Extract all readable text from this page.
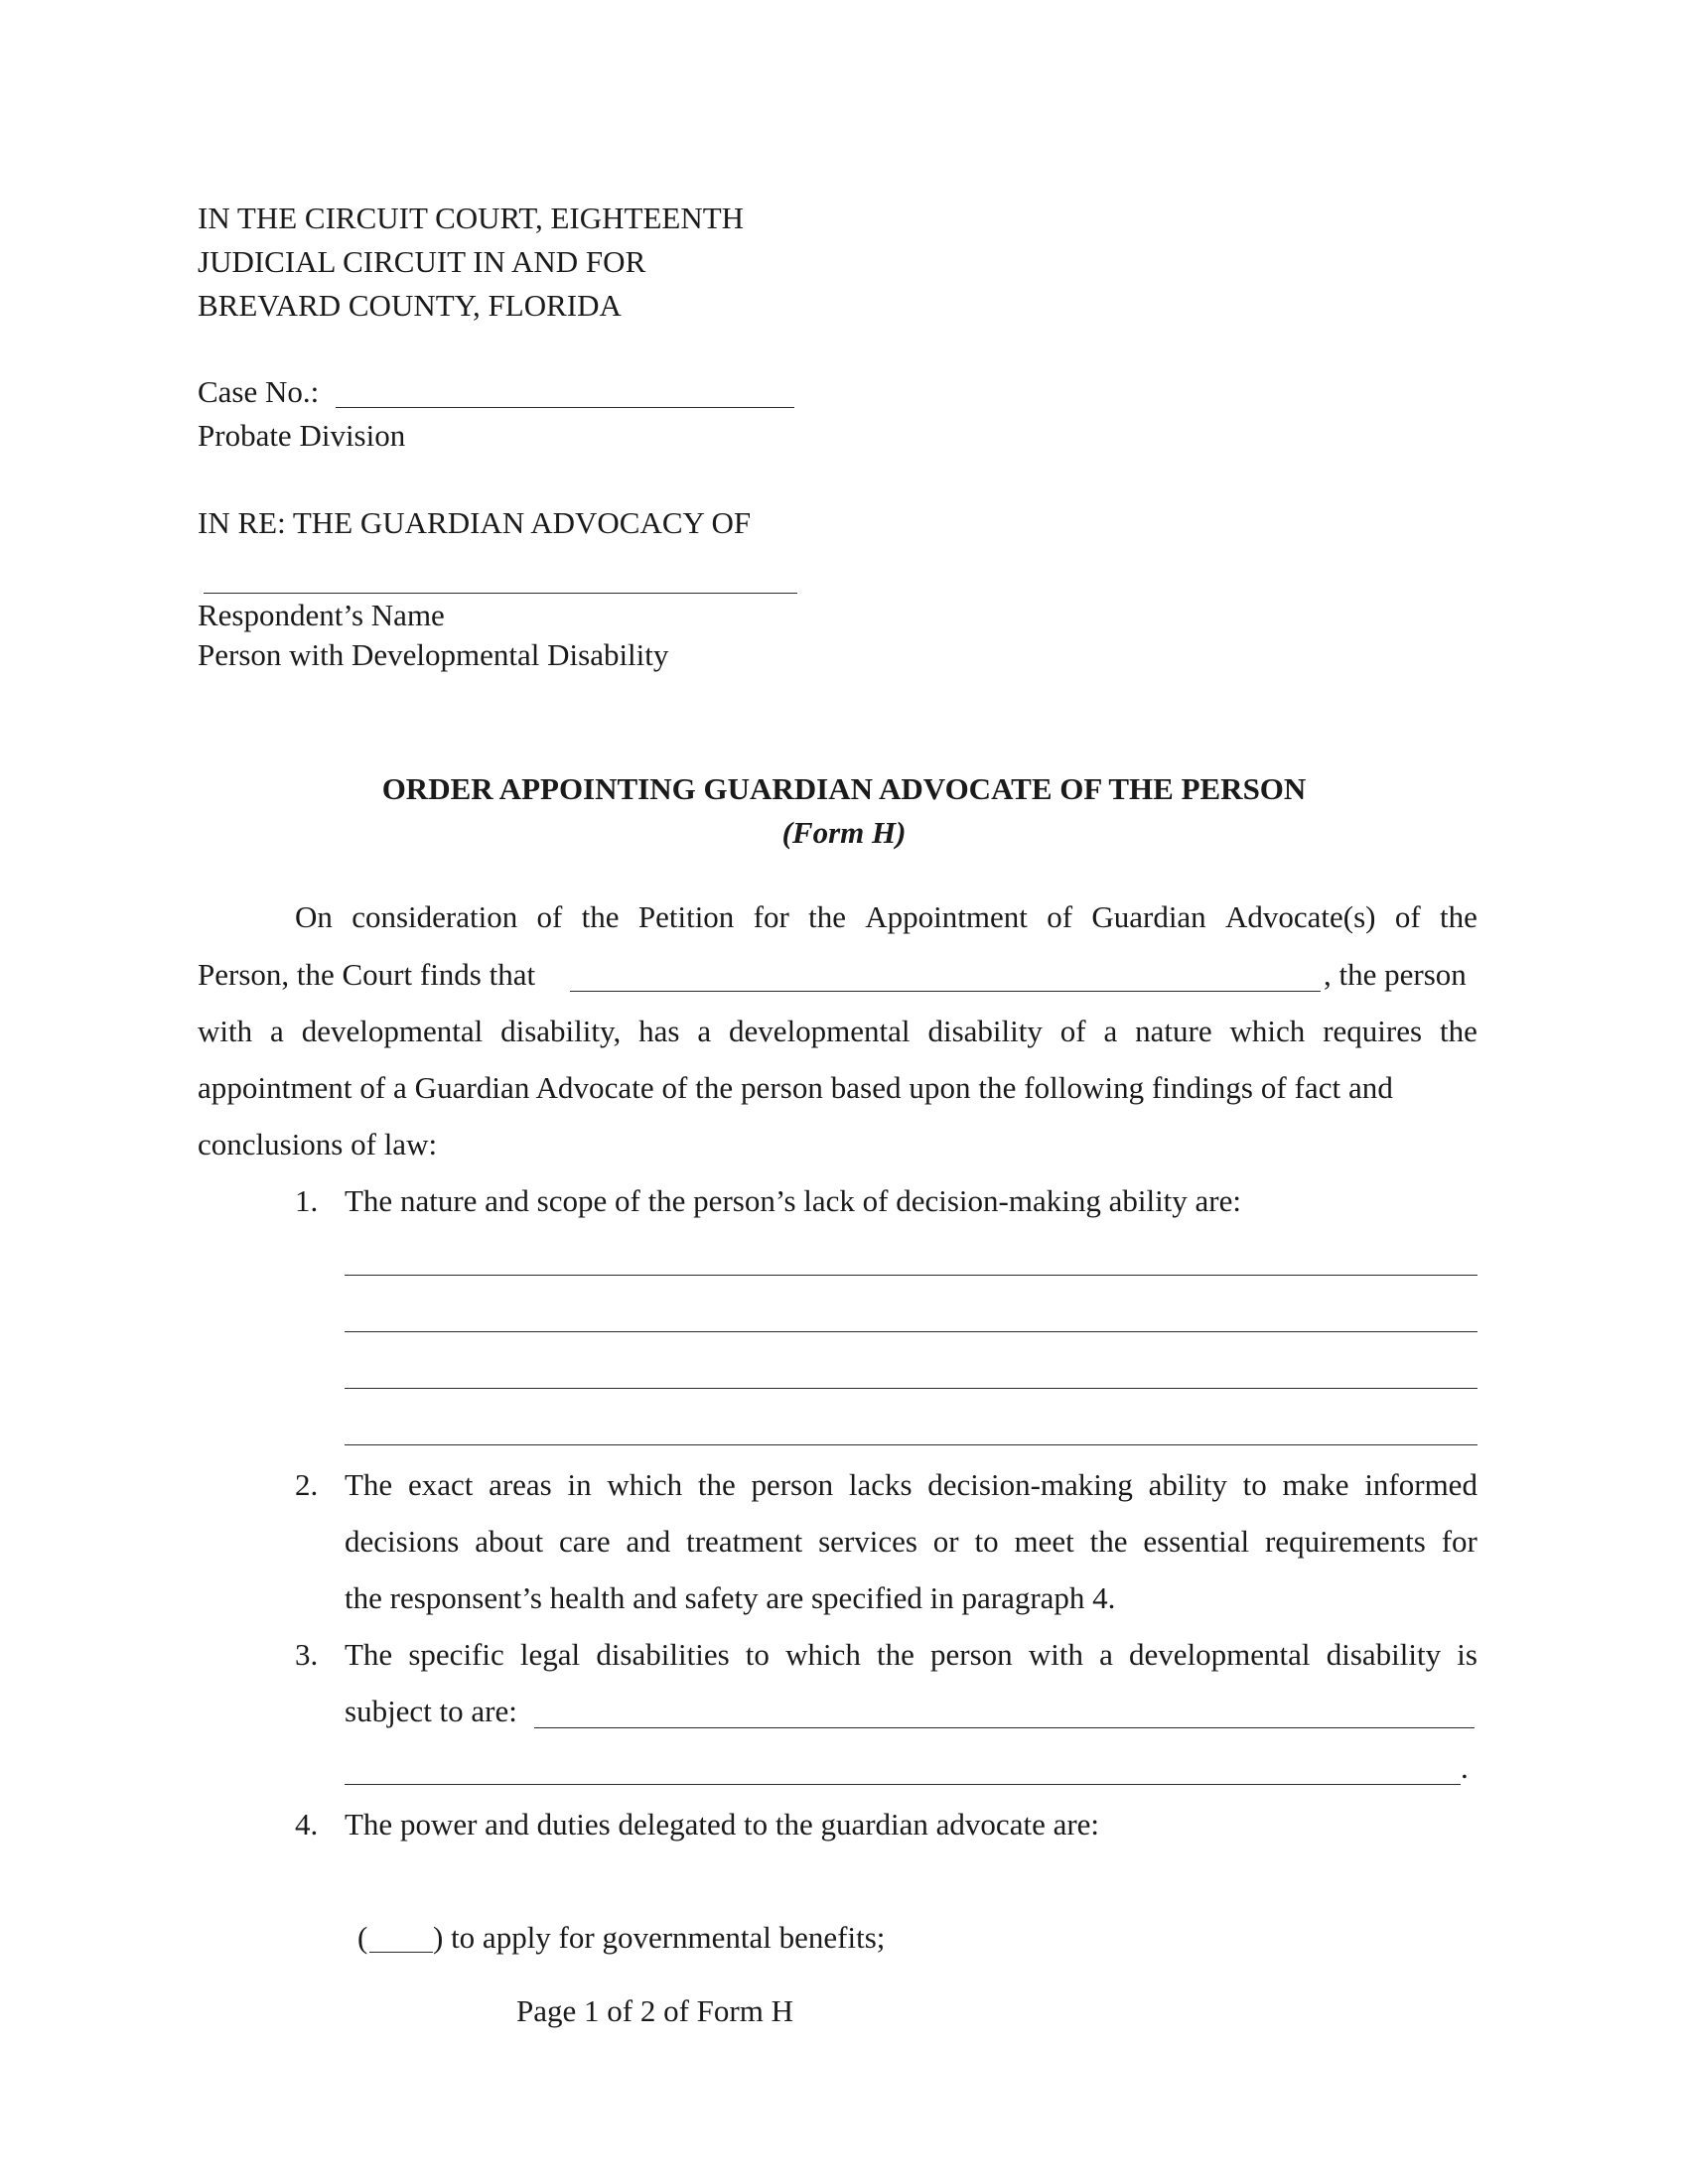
IN THE CIRCUIT COURT, EIGHTEENTH
JUDICIAL CIRCUIT IN AND FOR
BREVARD COUNTY, FLORIDA
Case No.:
Probate Division
IN RE: THE GUARDIAN ADVOCACY OF
Respondent’s Name
Person with Developmental Disability
ORDER APPOINTING GUARDIAN ADVOCATE OF THE PERSON
(Form H)
On consideration of the Petition for the Appointment of Guardian Advocate(s) of the
Person, the Court finds that	, the person
with a developmental disability, has a developmental disability of a nature which requires the
appointment of a Guardian Advocate of the person based upon the following findings of fact and
conclusions of law:
1. The nature and scope of the person’s lack of decision-making ability are:
2. The exact areas in which the person lacks decision-making ability to make informed
decisions about care and treatment services or to meet the essential requirements for
the responsent’s health and safety are specified in paragraph 4.
3. The specific legal disabilities to which the person with a developmental disability is
subject to are:
.
4. The power and duties delegated to the guardian advocate are:
( ) to apply for governmental benefits;
Page 1 of 2 of Form H
